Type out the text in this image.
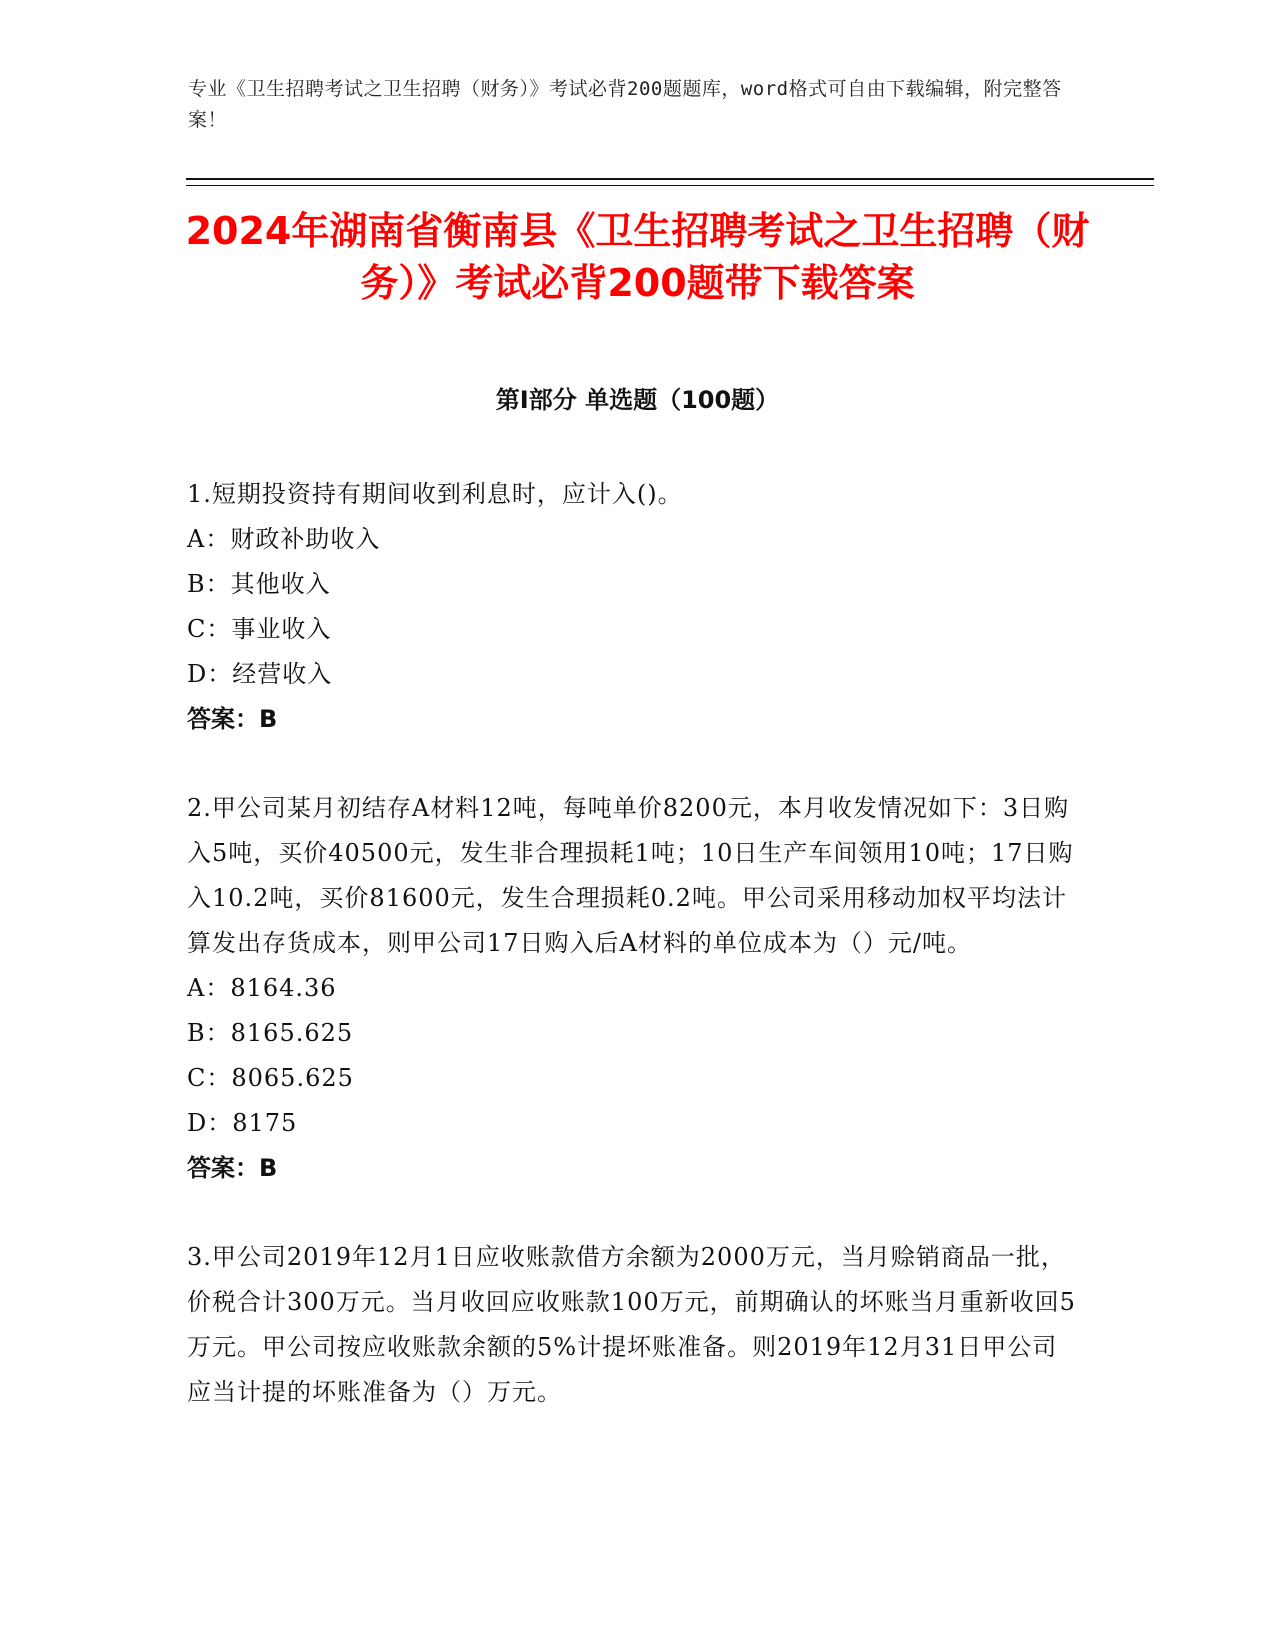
专业《卫生招聘考试之卫生招聘（财务）》考试必背200题题库，word格式可自由下载编辑，附完整答案！
2024年湖南省衡南县《卫生招聘考试之卫生招聘（财务）》考试必背200题带下载答案
第I部分 单选题（100题）
1.短期投资持有期间收到利息时，应计入()。
A：财政补助收入
B：其他收入
C：事业收入
D：经营收入
答案：B
2.甲公司某月初结存A材料12吨，每吨单价8200元，本月收发情况如下：3日购入5吨，买价40500元，发生非合理损耗1吨；10日生产车间领用10吨；17日购入10.2吨，买价81600元，发生合理损耗0.2吨。甲公司采用移动加权平均法计算发出存货成本，则甲公司17日购入后A材料的单位成本为（）元/吨。
A：8164.36
B：8165.625
C：8065.625
D：8175
答案：B
3.甲公司2019年12月1日应收账款借方余额为2000万元，当月赊销商品一批，价税合计300万元。当月收回应收账款100万元，前期确认的坏账当月重新收回5万元。甲公司按应收账款余额的5%计提坏账准备。则2019年12月31日甲公司应当计提的坏账准备为（）万元。
